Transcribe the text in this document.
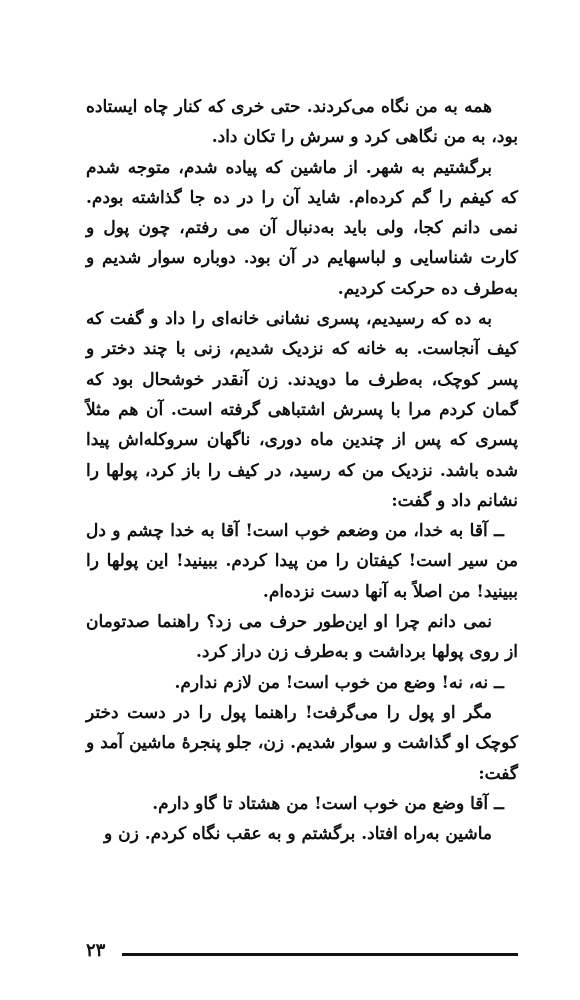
همه به من نگاه می‌کردند. حتی خری که کنار چاه ایستاده بود، به من نگاهی کرد و سرش را تکان داد.

برگشتیم به شهر. از ماشین که پیاده شدم، متوجه شدم که کیفم را گم کرده‌ام. شاید آن را در ده جا گذاشته بودم. نمی دانم کجا، ولی باید به‌دنبال آن می رفتم، چون پول و کارت شناسایی و لباسهایم در آن بود. دوباره سوار شدیم و به‌طرف ده حرکت کردیم.

به ده که رسیدیم، پسری نشانی خانه‌ای را داد و گفت که کیف آنجاست. به خانه که نزدیک شدیم، زنی با چند دختر و پسر کوچک، به‌طرف ما دویدند. زن آنقدر خوشحال بود که گمان کردم مرا با پسرش اشتباهی گرفته است. آن هم مثلاً پسری که پس از چندین ماه دوری، ناگهان سروکله‌اش پیدا شده باشد. نزدیک من که رسید، در کیف را باز کرد، پولها را نشانم داد و گفت:

ــ آقا به خدا، من وضعم خوب است! آقا به خدا چشم و دل من سیر است! کیفتان را من پیدا کردم. ببینید! این پولها را ببینید! من اصلاً به آنها دست نزده‌ام.

نمی دانم چرا او این‌طور حرف می زد؟ راهنما صدتومان از روی پولها برداشت و به‌طرف زن دراز کرد.

ــ نه، نه! وضع من خوب است! من لازم ندارم.

مگر او پول را می‌گرفت! راهنما پول را در دست دختر کوچک او گذاشت و سوار شدیم. زن، جلو پنجرهٔ ماشین آمد و گفت:

ــ آقا وضع من خوب است! من هشتاد تا گاو دارم.

ماشین به‌راه افتاد. برگشتم و به عقب نگاه کردم. زن و

۲۳
